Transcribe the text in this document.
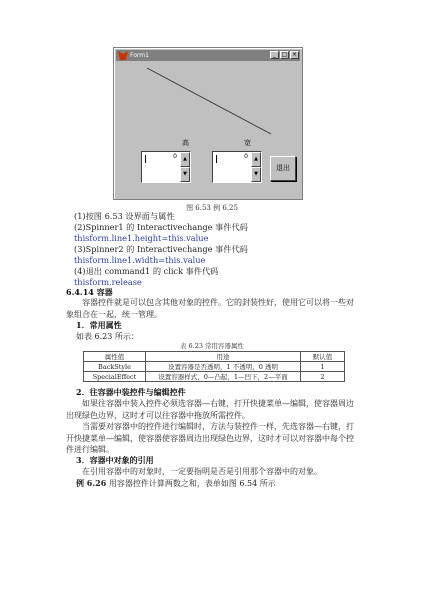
Form1	_ □ ×
高	宽
0	▲
▼
0	▲
▼
退出
图 6.53 例 6.25
(1)按图 6.53 设界面与属性
(2)Spinner1 的 Interactivechange 事件代码
thisform.line1.height=this.value
(3)Spinner2 的 Interactivechange 事件代码
thisform.line1.width=this.value
(4)退出 command1 的 click 事件代码
thisform.release
6.4.14 容器
容器控件就是可以包含其他对象的控件。它的封装性好，使用它可以将一些对象组合在一起，统一管理。
1．常用属性
如表 6.23 所示：
表 6.23 常用容器属性
属性值	用途	默认值
BackStyle	设置容器是否透明，1 不透明，0 透明	1
SpecialEffect	设置容器样式，0—凸起，1—凹下，2—平面	2
2．往容器中装控件与编辑控件
如果往容器中装入控件必须选容器—右键，打开快捷菜单—编辑，使容器周边出现绿色边界，这时才可以往容器中拖放所需控件。
当需要对容器中的控件进行编辑时，方法与装控件一样，先选容器—右键，打开快捷菜单—编辑，使容器使容器周边出现绿色边界，这时才可以对容器中每个控件进行编辑。
3．容器中对象的引用
在引用容器中的对象时，一定要指明是否是引用那个容器中的对象。
例 6.26 用容器控件计算两数之和，表单如图 6.54 所示
